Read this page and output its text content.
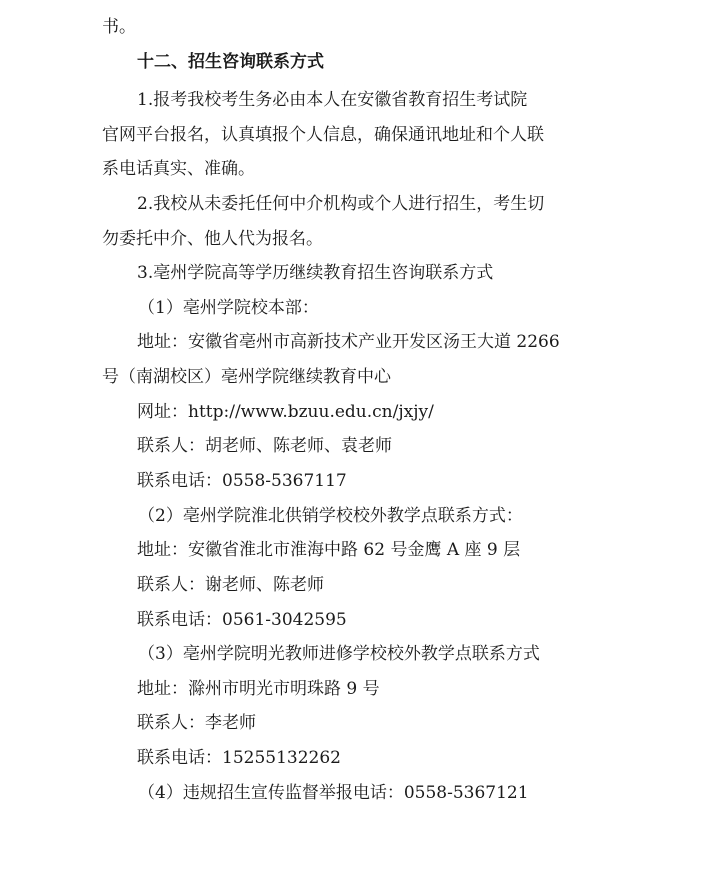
书。
十二、招生咨询联系方式
1.报考我校考生务必由本人在安徽省教育招生考试院
官网平台报名，认真填报个人信息，确保通讯地址和个人联
系电话真实、准确。
2.我校从未委托任何中介机构或个人进行招生，考生切
勿委托中介、他人代为报名。
3.亳州学院高等学历继续教育招生咨询联系方式
（1）亳州学院校本部：
地址：安徽省亳州市高新技术产业开发区汤王大道 2266
号（南湖校区）亳州学院继续教育中心
网址：http://www.bzuu.edu.cn/jxjy/
联系人：胡老师、陈老师、袁老师
联系电话：0558-5367117
（2）亳州学院淮北供销学校校外教学点联系方式：
地址：安徽省淮北市淮海中路 62 号金鹰 A 座 9 层
联系人：谢老师、陈老师
联系电话：0561-3042595
（3）亳州学院明光教师进修学校校外教学点联系方式
地址：滁州市明光市明珠路 9 号
联系人：李老师
联系电话：15255132262
（4）违规招生宣传监督举报电话：0558-5367121
